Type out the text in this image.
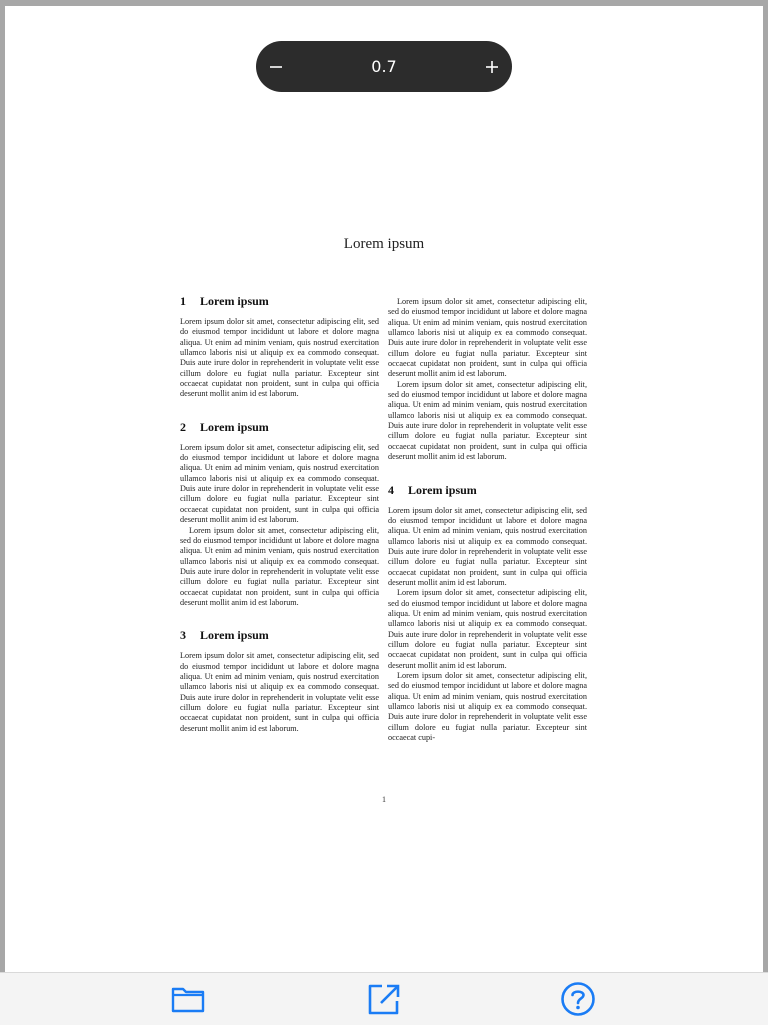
0.7
Lorem ipsum
1 Lorem ipsum

Lorem ipsum dolor sit amet, consectetur adipiscing elit, sed do eiusmod tempor incididunt ut labore et dolore magna aliqua. Ut enim ad minim veniam, quis nostrud exercitation ullamco laboris nisi ut aliquip ex ea commodo consequat. Duis aute irure dolor in reprehenderit in voluptate velit esse cillum dolore eu fugiat nulla pariatur. Excepteur sint occaecat cupidatat non proident, sunt in culpa qui officia deserunt mollit anim id est laborum.

2 Lorem ipsum

Lorem ipsum dolor sit amet, consectetur adipiscing elit, sed do eiusmod tempor incididunt ut labore et dolore magna aliqua. Ut enim ad minim veniam, quis nostrud exercitation ullamco laboris nisi ut aliquip ex ea commodo consequat. Duis aute irure dolor in reprehenderit in voluptate velit esse cillum dolore eu fugiat nulla pariatur. Excepteur sint occaecat cupidatat non proident, sunt in culpa qui officia deserunt mollit anim id est laborum.

Lorem ipsum dolor sit amet, consectetur adipiscing elit, sed do eiusmod tempor incididunt ut labore et dolore magna aliqua. Ut enim ad minim veniam, quis nostrud exercitation ullamco laboris nisi ut aliquip ex ea commodo consequat. Duis aute irure dolor in reprehenderit in voluptate velit esse cillum dolore eu fugiat nulla pariatur. Excepteur sint occaecat cupidatat non proident, sunt in culpa qui officia deserunt mollit anim id est laborum.

3 Lorem ipsum

Lorem ipsum dolor sit amet, consectetur adipiscing elit, sed do eiusmod tempor incididunt ut labore et dolore magna aliqua. Ut enim ad minim veniam, quis nostrud exercitation ullamco laboris nisi ut aliquip ex ea commodo consequat. Duis aute irure dolor in reprehenderit in voluptate velit esse cillum dolore eu fugiat nulla pariatur. Excepteur sint occaecat cupidatat non proident, sunt in culpa qui officia deserunt mollit anim id est laborum.

Lorem ipsum dolor sit amet, consectetur adipiscing elit, sed do eiusmod tempor incididunt ut labore et dolore magna aliqua. Ut enim ad minim veniam, quis nostrud exercitation ullamco laboris nisi ut aliquip ex ea commodo consequat. Duis aute irure dolor in reprehenderit in voluptate velit esse cillum dolore eu fugiat nulla pariatur. Excepteur sint occaecat cupidatat non proident, sunt in culpa qui officia deserunt mollit anim id est laborum.

Lorem ipsum dolor sit amet, consectetur adipiscing elit, sed do eiusmod tempor incididunt ut labore et dolore magna aliqua. Ut enim ad minim veniam, quis nostrud exercitation ullamco laboris nisi ut aliquip ex ea commodo consequat. Duis aute irure dolor in reprehenderit in voluptate velit esse cillum dolore eu fugiat nulla pariatur. Excepteur sint occaecat cupidatat non proident, sunt in culpa qui officia deserunt mollit anim id est laborum.

4 Lorem ipsum

Lorem ipsum dolor sit amet, consectetur adipiscing elit, sed do eiusmod tempor incididunt ut labore et dolore magna aliqua. Ut enim ad minim veniam, quis nostrud exercitation ullamco laboris nisi ut aliquip ex ea commodo consequat. Duis aute irure dolor in reprehenderit in voluptate velit esse cillum dolore eu fugiat nulla pariatur. Excepteur sint occaecat cupidatat non proident, sunt in culpa qui officia deserunt mollit anim id est laborum.

Lorem ipsum dolor sit amet, consectetur adipiscing elit, sed do eiusmod tempor incididunt ut labore et dolore magna aliqua. Ut enim ad minim veniam, quis nostrud exercitation ullamco laboris nisi ut aliquip ex ea commodo consequat. Duis aute irure dolor in reprehenderit in voluptate velit esse cillum dolore eu fugiat nulla pariatur. Excepteur sint occaecat cupidatat non proident, sunt in culpa qui officia deserunt mollit anim id est laborum.

Lorem ipsum dolor sit amet, consectetur adipiscing elit, sed do eiusmod tempor incididunt ut labore et dolore magna aliqua. Ut enim ad minim veniam, quis nostrud exercitation ullamco laboris nisi ut aliquip ex ea commodo consequat. Duis aute irure dolor in reprehenderit in voluptate velit esse cillum dolore eu fugiat nulla pariatur. Excepteur sint occaecat cupi-

1
